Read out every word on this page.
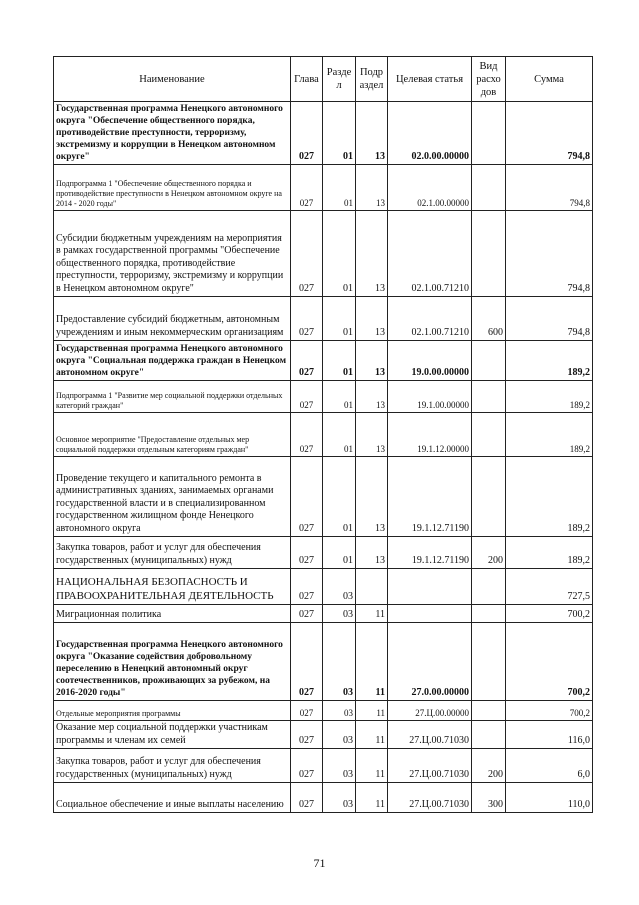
Наименование	Глава	Разде л	Подр аздел	Целевая статья	Вид расхо дов	Сумма
Государственная программа Ненецкого автономного округа "Обеспечение общественного порядка, противодействие преступности, терроризму, экстремизму и коррупции в Ненецком автономном округе"	027	01	13	02.0.00.00000		794,8
Подпрограмма 1 "Обеспечение общественного порядка и противодействие преступности в Ненецком автономном округе на 2014 - 2020 годы"	027	01	13	02.1.00.00000		794,8
Субсидии бюджетным учреждениям на мероприятия в рамках государственной программы "Обеспечение общественного порядка, противодействие преступности, терроризму, экстремизму и коррупции в Ненецком автономном округе"	027	01	13	02.1.00.71210		794,8
Предоставление субсидий бюджетным, автономным учреждениям и иным некоммерческим организациям	027	01	13	02.1.00.71210	600	794,8
Государственная программа Ненецкого автономного округа "Социальная поддержка граждан в Ненецком автономном округе"	027	01	13	19.0.00.00000		189,2
Подпрограмма 1 "Развитие мер социальной поддержки отдельных категорий граждан"	027	01	13	19.1.00.00000		189,2
Основное мероприятие "Предоставление отдельных мер социальной поддержки отдельным категориям граждан"	027	01	13	19.1.12.00000		189,2
Проведение текущего и капитального ремонта в административных зданиях, занимаемых органами государственной власти и в специализированном государственном жилищном фонде Ненецкого автономного округа	027	01	13	19.1.12.71190		189,2
Закупка товаров, работ и услуг для обеспечения государственных (муниципальных) нужд	027	01	13	19.1.12.71190	200	189,2
НАЦИОНАЛЬНАЯ БЕЗОПАСНОСТЬ И ПРАВООХРАНИТЕЛЬНАЯ ДЕЯТЕЛЬНОСТЬ	027	03				727,5
Миграционная политика	027	03	11			700,2
Государственная программа Ненецкого автономного округа "Оказание содействия добровольному переселению в Ненецкий автономный округ соотечественников, проживающих за рубежом, на 2016-2020 годы"	027	03	11	27.0.00.00000		700,2
Отдельные мероприятия программы	027	03	11	27.Ц.00.00000		700,2
Оказание мер социальной поддержки участникам программы и членам их семей	027	03	11	27.Ц.00.71030		116,0
Закупка товаров, работ и услуг для обеспечения государственных (муниципальных) нужд	027	03	11	27.Ц.00.71030	200	6,0
Социальное обеспечение и иные выплаты населению	027	03	11	27.Ц.00.71030	300	110,0
71
